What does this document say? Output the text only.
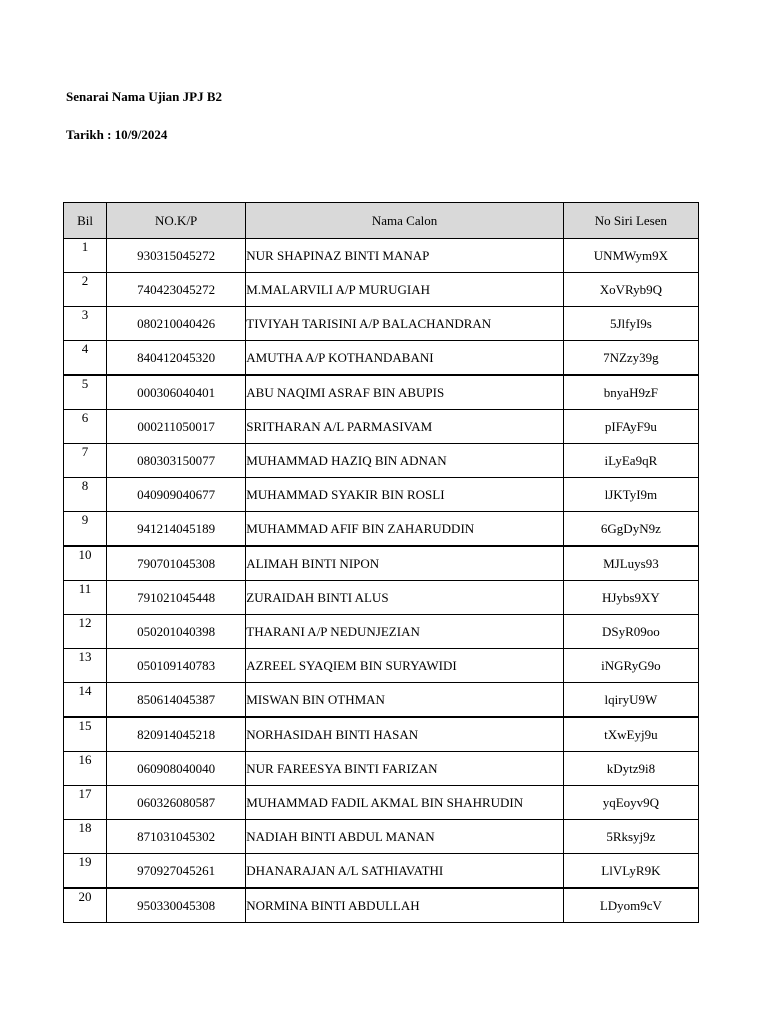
Senarai Nama Ujian JPJ B2
Tarikh : 10/9/2024
Bil	NO.K/P	Nama Calon	No Siri Lesen
1	930315045272	NUR SHAPINAZ BINTI MANAP	UNMWym9X
2	740423045272	M.MALARVILI A/P MURUGIAH	XoVRyb9Q
3	080210040426	TIVIYAH TARISINI A/P BALACHANDRAN	5JlfyI9s
4	840412045320	AMUTHA A/P KOTHANDABANI	7NZzy39g
5	000306040401	ABU NAQIMI ASRAF BIN ABUPIS	bnyaH9zF
6	000211050017	SRITHARAN A/L PARMASIVAM	pIFAyF9u
7	080303150077	MUHAMMAD HAZIQ BIN ADNAN	iLyEa9qR
8	040909040677	MUHAMMAD SYAKIR BIN ROSLI	lJKTyI9m
9	941214045189	MUHAMMAD AFIF BIN ZAHARUDDIN	6GgDyN9z
10	790701045308	ALIMAH BINTI NIPON	MJLuys93
11	791021045448	ZURAIDAH BINTI ALUS	HJybs9XY
12	050201040398	THARANI A/P NEDUNJEZIAN	DSyR09oo
13	050109140783	AZREEL SYAQIEM BIN SURYAWIDI	iNGRyG9o
14	850614045387	MISWAN BIN OTHMAN	lqiryU9W
15	820914045218	NORHASIDAH BINTI HASAN	tXwEyj9u
16	060908040040	NUR FAREESYA BINTI FARIZAN	kDytz9i8
17	060326080587	MUHAMMAD FADIL AKMAL BIN SHAHRUDIN	yqEoyv9Q
18	871031045302	NADIAH BINTI ABDUL MANAN	5Rksyj9z
19	970927045261	DHANARAJAN A/L SATHIAVATHI	LlVLyR9K
20	950330045308	NORMINA BINTI ABDULLAH	LDyom9cV
